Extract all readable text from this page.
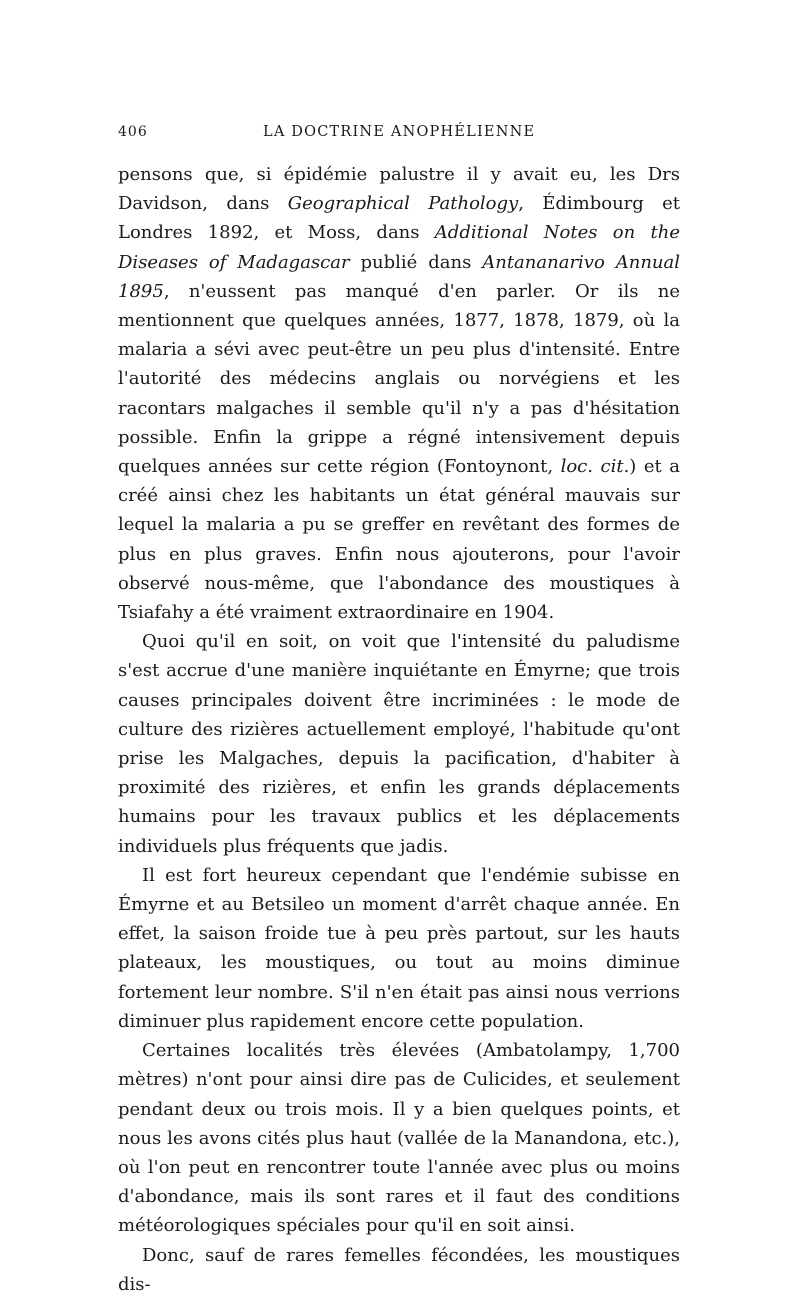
406	LA DOCTRINE ANOPHÉLIENNE

pensons que, si épidémie palustre il y avait eu, les Drs Davidson, dans Geographical Pathology, Édimbourg et Londres 1892, et Moss, dans Additional Notes on the Diseases of Madagascar publié dans Antananarivo Annual 1895, n'eussent pas manqué d'en parler. Or ils ne mentionnent que quelques années, 1877, 1878, 1879, où la malaria a sévi avec peut-être un peu plus d'intensité. Entre l'autorité des médecins anglais ou norvégiens et les racontars malgaches il semble qu'il n'y a pas d'hésitation possible. Enfin la grippe a régné intensivement depuis quelques années sur cette région (Fontoynont, loc. cit.) et a créé ainsi chez les habitants un état général mauvais sur lequel la malaria a pu se greffer en revêtant des formes de plus en plus graves. Enfin nous ajouterons, pour l'avoir observé nous-même, que l'abondance des moustiques à Tsiafahy a été vraiment extraordinaire en 1904.

Quoi qu'il en soit, on voit que l'intensité du paludisme s'est accrue d'une manière inquiétante en Émyrne; que trois causes principales doivent être incriminées : le mode de culture des rizières actuellement employé, l'habitude qu'ont prise les Malgaches, depuis la pacification, d'habiter à proximité des rizières, et enfin les grands déplacements humains pour les travaux publics et les déplacements individuels plus fréquents que jadis.

Il est fort heureux cependant que l'endémie subisse en Émyrne et au Betsileo un moment d'arrêt chaque année. En effet, la saison froide tue à peu près partout, sur les hauts plateaux, les moustiques, ou tout au moins diminue fortement leur nombre. S'il n'en était pas ainsi nous verrions diminuer plus rapidement encore cette population.

Certaines localités très élevées (Ambatolampy, 1,700 mètres) n'ont pour ainsi dire pas de Culicides, et seulement pendant deux ou trois mois. Il y a bien quelques points, et nous les avons cités plus haut (vallée de la Manandona, etc.), où l'on peut en rencontrer toute l'année avec plus ou moins d'abondance, mais ils sont rares et il faut des conditions météorologiques spéciales pour qu'il en soit ainsi.

Donc, sauf de rares femelles fécondées, les moustiques dis-
